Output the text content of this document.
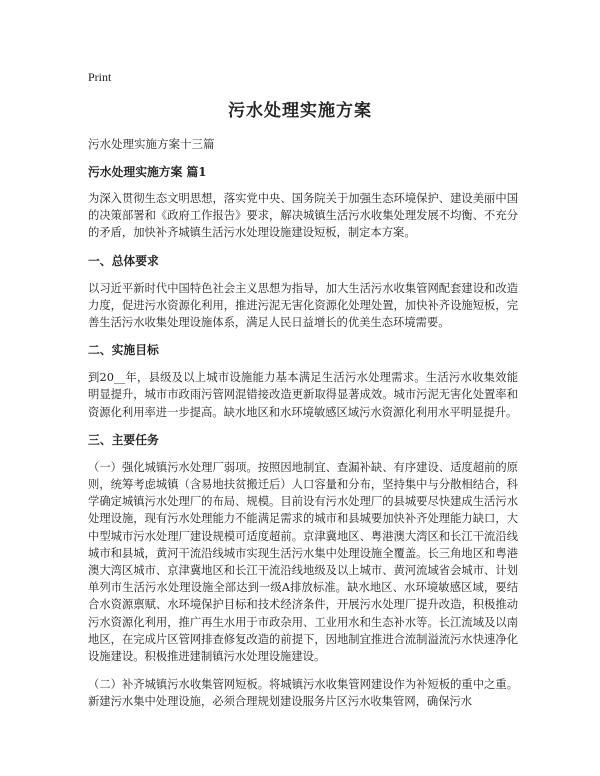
Print
污水处理实施方案

污水处理实施方案十三篇

污水处理实施方案 篇1

为深入贯彻生态文明思想，落实党中央、国务院关于加强生态环境保护、建设美丽中国的决策部署和《政府工作报告》要求，解决城镇生活污水收集处理发展不均衡、不充分的矛盾，加快补齐城镇生活污水处理设施建设短板，制定本方案。

一、总体要求

以习近平新时代中国特色社会主义思想为指导，加大生活污水收集管网配套建设和改造力度，促进污水资源化利用，推进污泥无害化资源化处理处置，加快补齐设施短板，完善生活污水收集处理设施体系，满足人民日益增长的优美生态环境需要。

二、实施目标

到20__年，县级及以上城市设施能力基本满足生活污水处理需求。生活污水收集效能明显提升，城市市政雨污管网混错接改造更新取得显著成效。城市污泥无害化处置率和资源化利用率进一步提高。缺水地区和水环境敏感区域污水资源化利用水平明显提升。

三、主要任务

（一）强化城镇污水处理厂弱项。按照因地制宜、查漏补缺、有序建设、适度超前的原则，统筹考虑城镇（含易地扶贫搬迁后）人口容量和分布，坚持集中与分散相结合，科学确定城镇污水处理厂的布局、规模。目前设有污水处理厂的县城要尽快建成生活污水处理设施，现有污水处理能力不能满足需求的城市和县城要加快补齐处理能力缺口，大中型城市污水处理厂建设规模可适度超前。京津冀地区、粤港澳大湾区和长江干流沿线城市和县城，黄河干流沿线城市实现生活污水集中处理设施全覆盖。长三角地区和粤港澳大湾区城市、京津冀地区和长江干流沿线地级及以上城市、黄河流域省会城市、计划单列市生活污水处理设施全部达到一级A排放标准。缺水地区、水环境敏感区域，要结合水资源禀赋、水环境保护目标和技术经济条件，开展污水处理厂提升改造，积极推动污水资源化利用，推广再生水用于市政杂用、工业用水和生态补水等。长江流域及以南地区，在完成片区管网排查修复改造的前提下，因地制宜推进合流制溢流污水快速净化设施建设。积极推进建制镇污水处理设施建设。

（二）补齐城镇污水收集管网短板。将城镇污水收集管网建设作为补短板的重中之重。新建污水集中处理设施，必须合理规划建设服务片区污水收集管网，确保污水
